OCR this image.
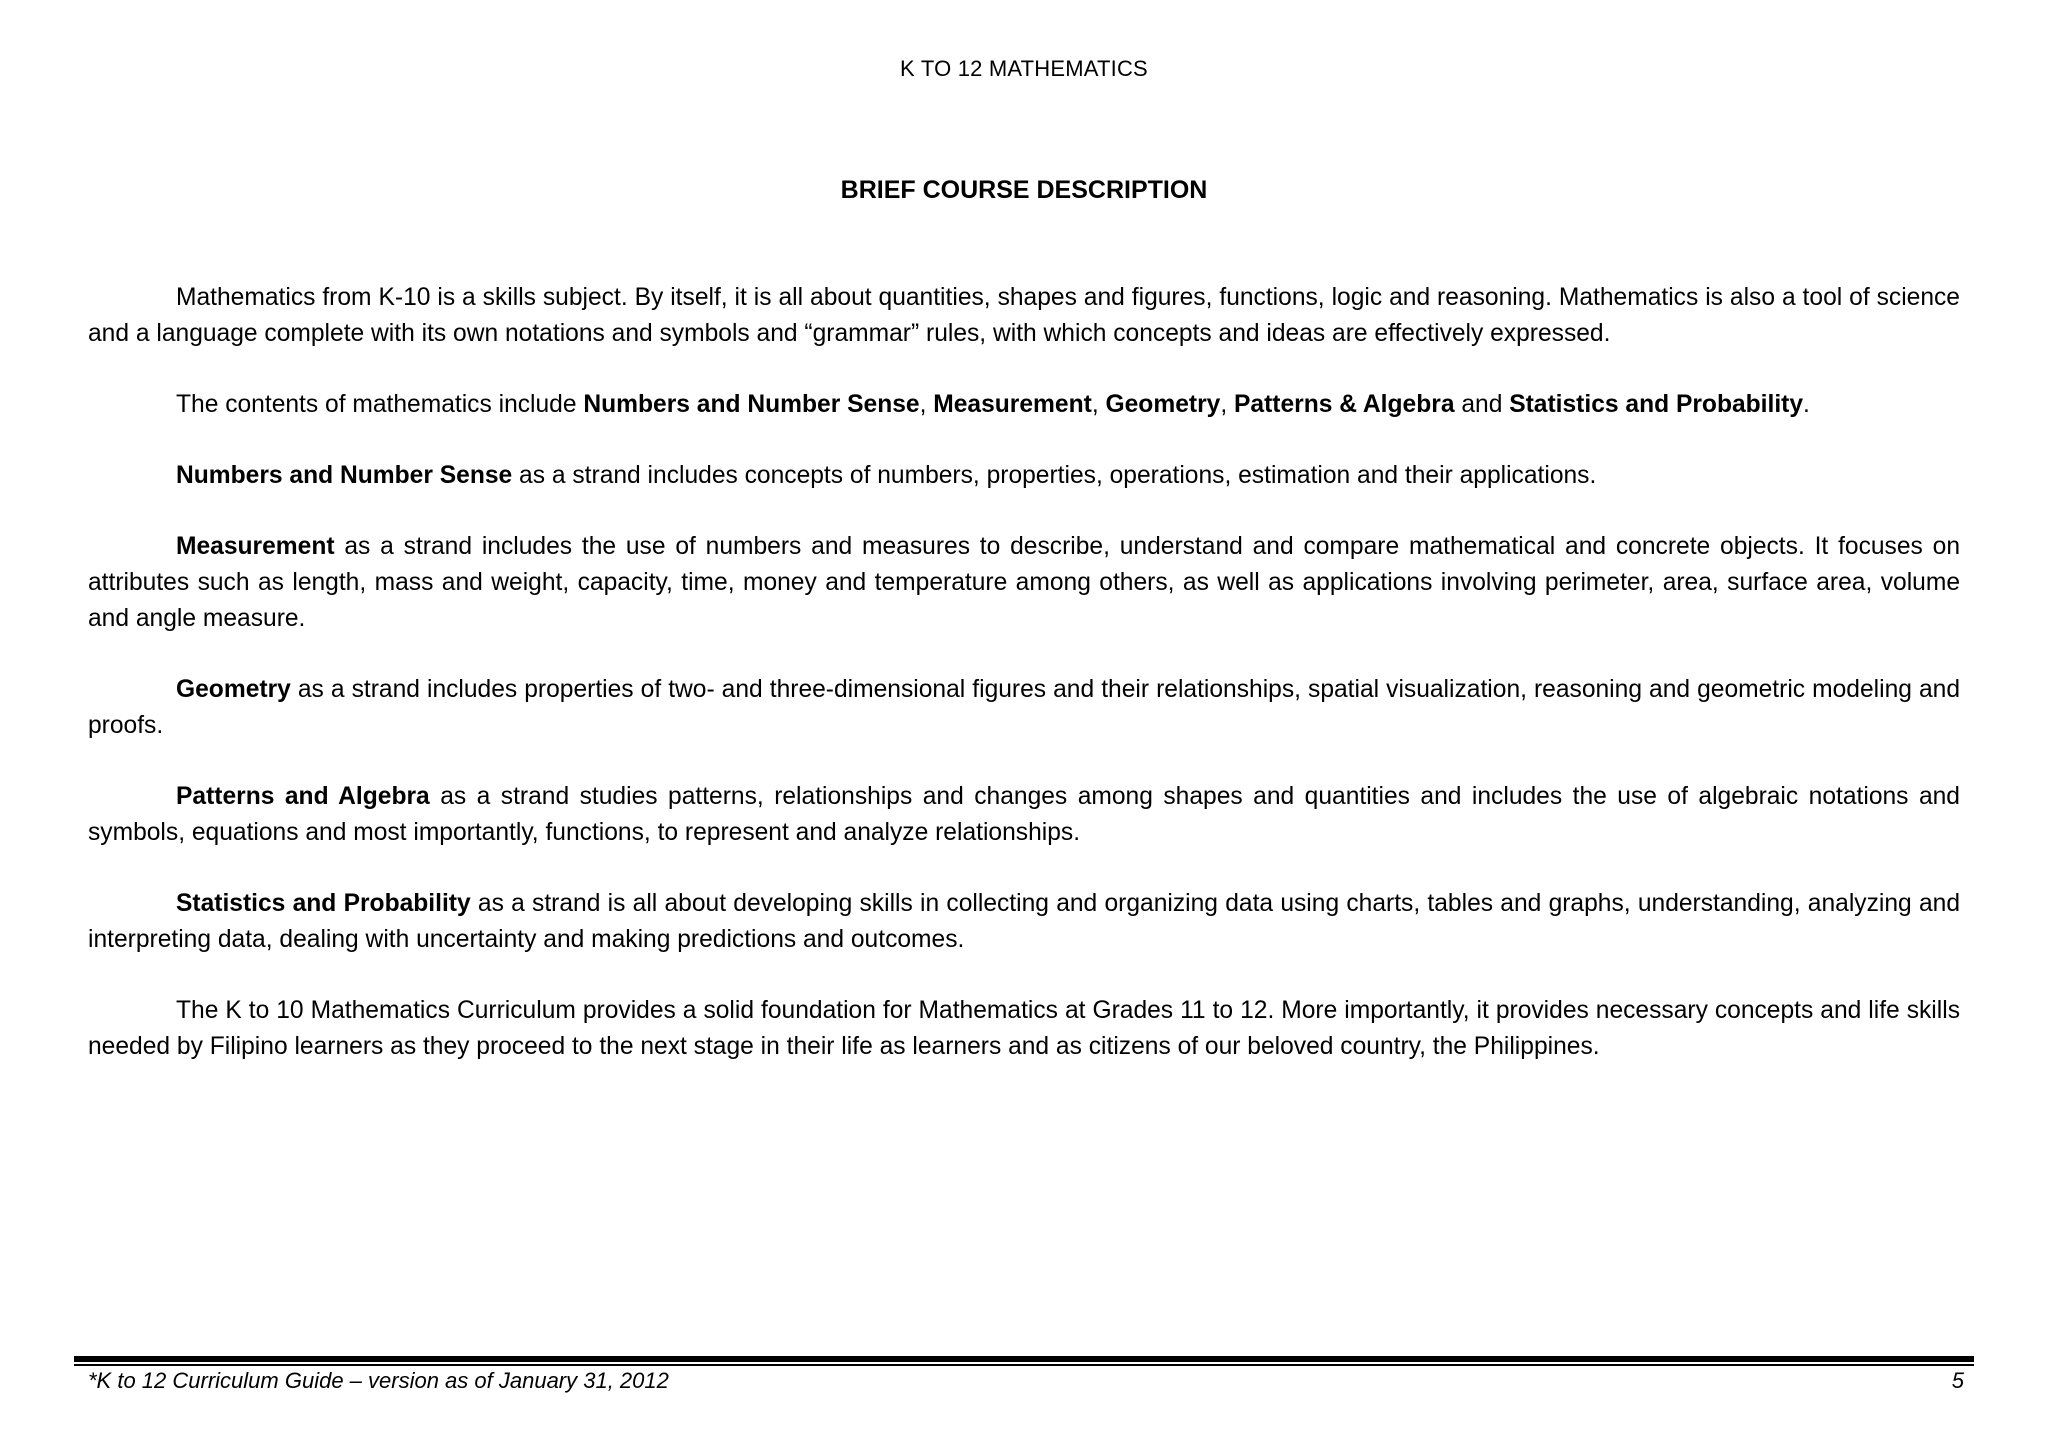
K TO 12 MATHEMATICS
BRIEF COURSE DESCRIPTION

Mathematics from K-10 is a skills subject. By itself, it is all about quantities, shapes and figures, functions, logic and reasoning. Mathematics is also a tool of science and a language complete with its own notations and symbols and “grammar” rules, with which concepts and ideas are effectively expressed.

The contents of mathematics include Numbers and Number Sense, Measurement, Geometry, Patterns & Algebra and Statistics and Probability.

Numbers and Number Sense as a strand includes concepts of numbers, properties, operations, estimation and their applications.

Measurement as a strand includes the use of numbers and measures to describe, understand and compare mathematical and concrete objects. It focuses on attributes such as length, mass and weight, capacity, time, money and temperature among others, as well as applications involving perimeter, area, surface area, volume and angle measure.

Geometry as a strand includes properties of two- and three-dimensional figures and their relationships, spatial visualization, reasoning and geometric modeling and proofs.

Patterns and Algebra as a strand studies patterns, relationships and changes among shapes and quantities and includes the use of algebraic notations and symbols, equations and most importantly, functions, to represent and analyze relationships.

Statistics and Probability as a strand is all about developing skills in collecting and organizing data using charts, tables and graphs, understanding, analyzing and interpreting data, dealing with uncertainty and making predictions and outcomes.

The K to 10 Mathematics Curriculum provides a solid foundation for Mathematics at Grades 11 to 12. More importantly, it provides necessary concepts and life skills needed by Filipino learners as they proceed to the next stage in their life as learners and as citizens of our beloved country, the Philippines.

*K to 12 Curriculum Guide – version as of January 31, 2012	5
